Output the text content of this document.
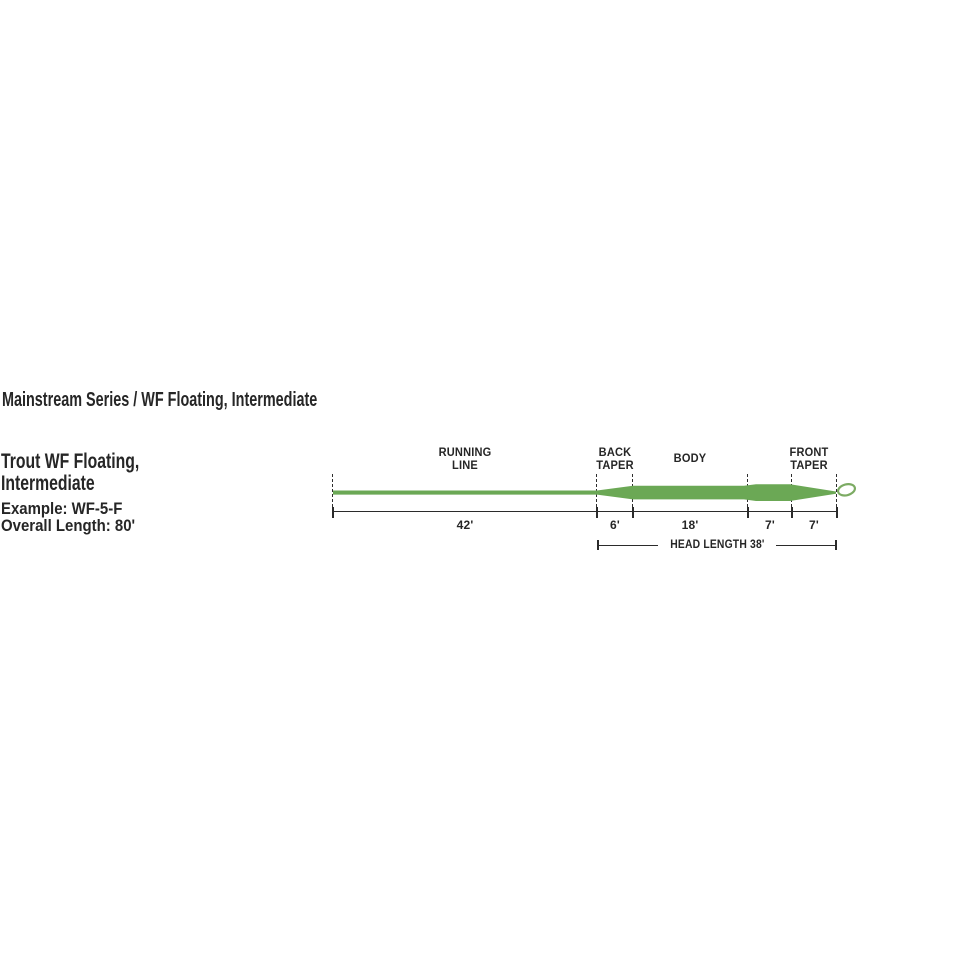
Mainstream Series / WF Floating, Intermediate
Trout WF Floating,
Intermediate
Example: WF-5-F
Overall Length: 80'
RUNNING
LINE
BACK
TAPER	BODY	FRONT
TAPER
42'	6'	18'	7'	7'
HEAD LENGTH 38'
